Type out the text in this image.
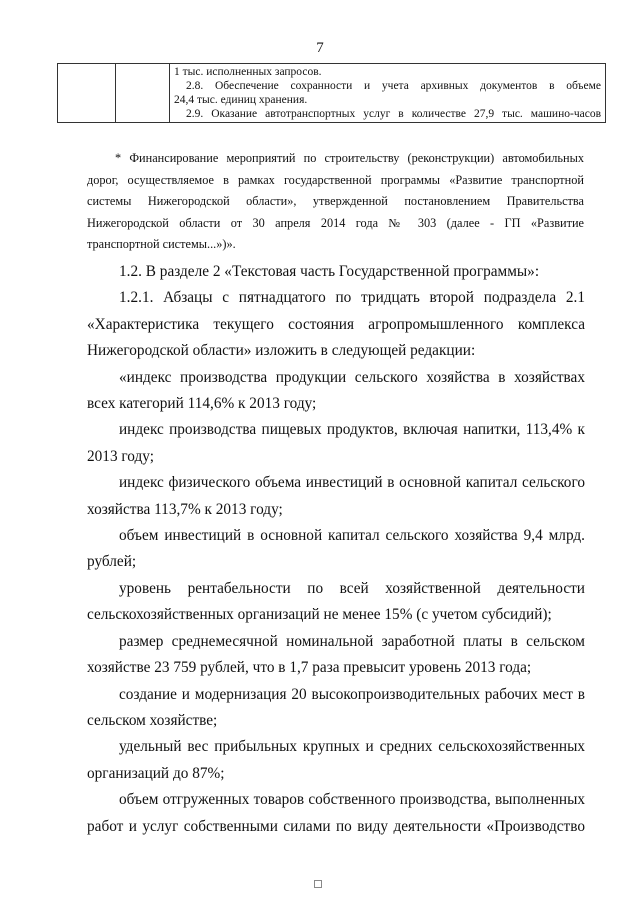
7

1 тыс. исполненных запросов.
2.8. Обеспечение сохранности и учета архивных документов в объеме
24,4 тыс. единиц хранения.
2.9. Оказание автотранспортных услуг в количестве 27,9 тыс. машино-часов
* Финансирование мероприятий по строительству (реконструкции) автомобильных
дорог, осуществляемое в рамках государственной программы «Развитие транспортной
системы Нижегородской области», утвержденной постановлением Правительства
Нижегородской области от 30 апреля 2014 года № 303 (далее - ГП «Развитие
транспортной системы...»)».
1.2. В разделе 2 «Текстовая часть Государственной программы»:
1.2.1. Абзацы с пятнадцатого по тридцать второй подраздела 2.1
«Характеристика текущего состояния агропромышленного комплекса
Нижегородской области» изложить в следующей редакции:
«индекс производства продукции сельского хозяйства в хозяйствах
всех категорий 114,6% к 2013 году;
индекс производства пищевых продуктов, включая напитки, 113,4% к
2013 году;
индекс физического объема инвестиций в основной капитал сельского
хозяйства 113,7% к 2013 году;
объем инвестиций в основной капитал сельского хозяйства 9,4 млрд.
рублей;
уровень рентабельности по всей хозяйственной деятельности
сельскохозяйственных организаций не менее 15% (с учетом субсидий);
размер среднемесячной номинальной заработной платы в сельском
хозяйстве 23 759 рублей, что в 1,7 раза превысит уровень 2013 года;
создание и модернизация 20 высокопроизводительных рабочих мест в
сельском хозяйстве;
удельный вес прибыльных крупных и средних сельскохозяйственных
организаций до 87%;
объем отгруженных товаров собственного производства, выполненных
работ и услуг собственными силами по виду деятельности «Производство
